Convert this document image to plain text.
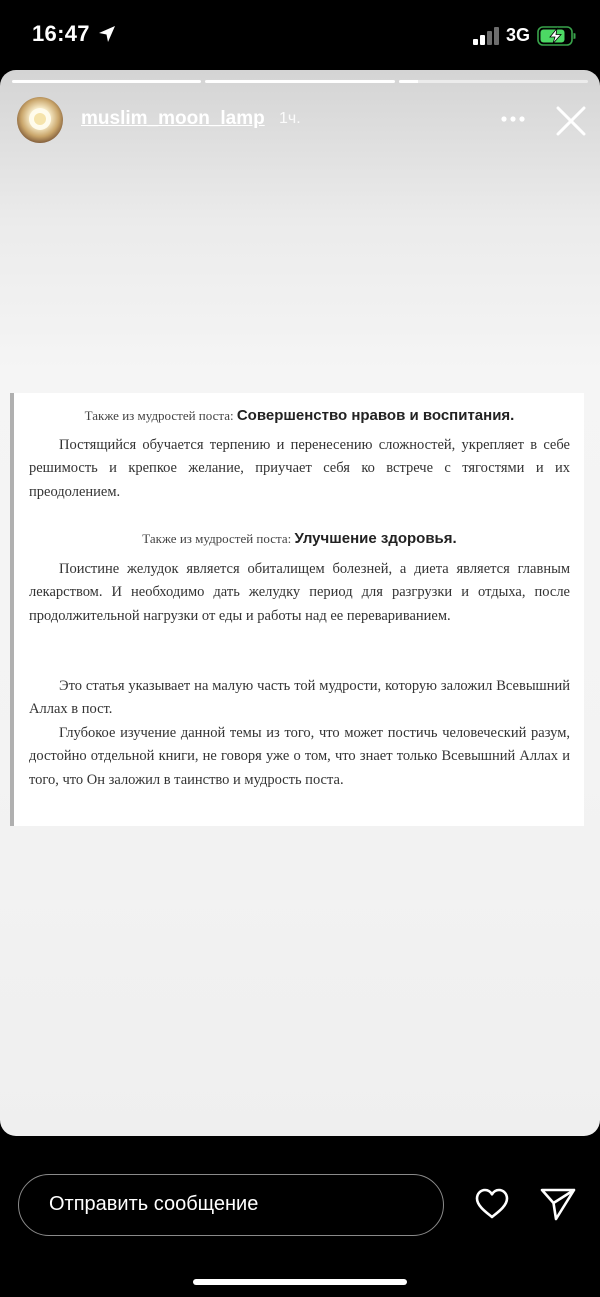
16:47	3G
muslim_moon_lamp 1ч.
Также из мудростей поста: Совершенство нравов и воспитания.
Постящийся обучается терпению и перенесению сложностей, укрепляет в себе решимость и крепкое желание, приучает себя ко встрече с тягостями и их преодолением.
Также из мудростей поста: Улучшение здоровья.
Поистине желудок является обиталищем болезней, а диета является главным лекарством. И необходимо дать желудку период для разгрузки и отдыха, после продолжительной нагрузки от еды и работы над ее перевариванием.
Это статья указывает на малую часть той мудрости, которую заложил Всевышний Аллах в пост.
Глубокое изучение данной темы из того, что может постичь человеческий разум, достойно отдельной книги, не говоря уже о том, что знает только Всевышний Аллах и того, что Он заложил в таинство и мудрость поста.
Отправить сообщение
